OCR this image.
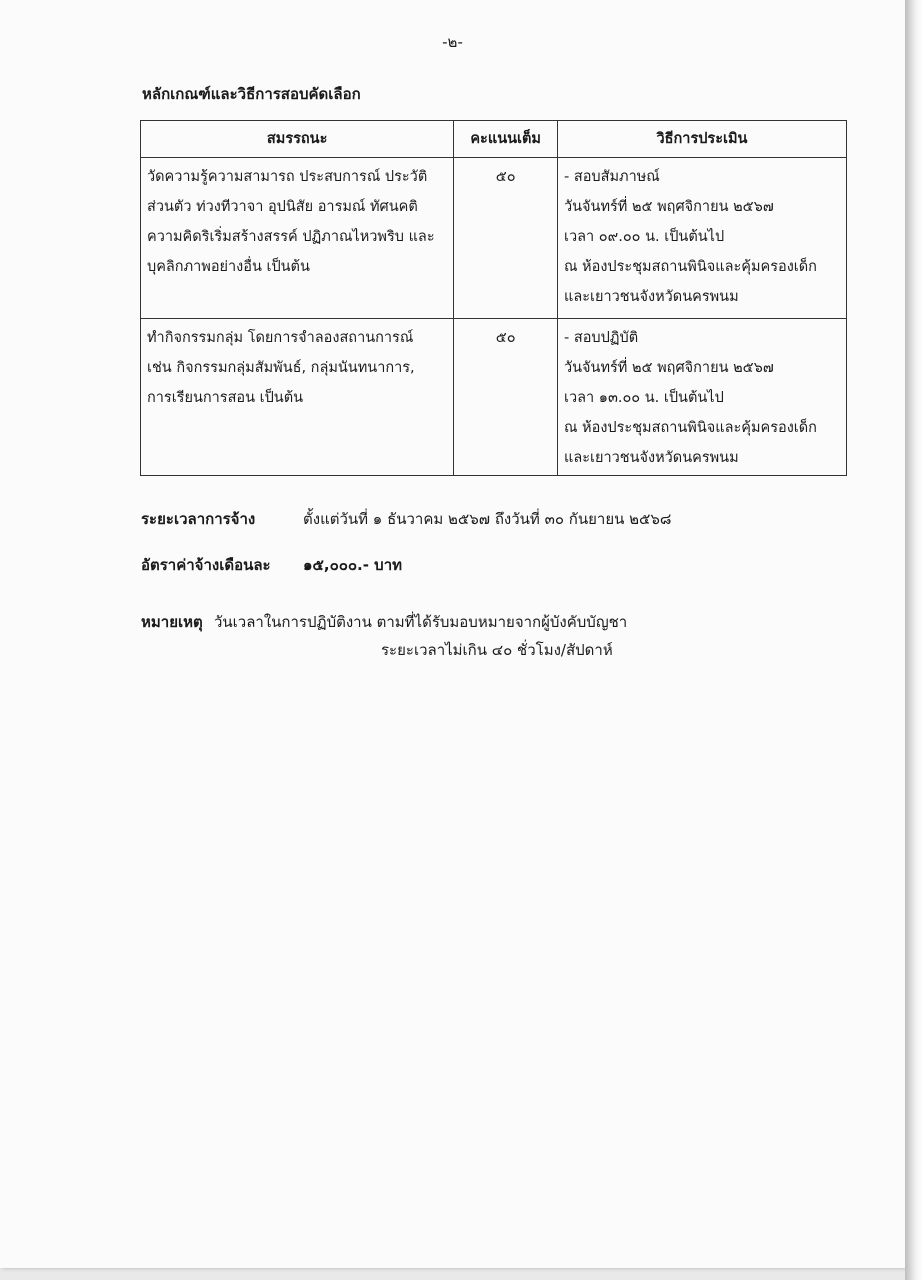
-๒-
หลักเกณฑ์และวิธีการสอบคัดเลือก
สมรรถนะ	คะแนนเต็ม	วิธีการประเมิน

วัดความรู้ความสามารถ ประสบการณ์ ประวัติ
ส่วนตัว ท่วงทีวาจา อุปนิสัย อารมณ์ ทัศนคติ
ความคิดริเริ่มสร้างสรรค์ ปฏิภาณไหวพริบ และ
บุคลิกภาพอย่างอื่น เป็นต้น	๕๐	- สอบสัมภาษณ์
วันจันทร์ที่ ๒๕ พฤศจิกายน ๒๕๖๗
เวลา ๐๙.๐๐ น. เป็นต้นไป
ณ ห้องประชุมสถานพินิจและคุ้มครองเด็ก
และเยาวชนจังหวัดนครพนม

ทำกิจกรรมกลุ่ม โดยการจำลองสถานการณ์
เช่น กิจกรรมกลุ่มสัมพันธ์, กลุ่มนันทนาการ,
การเรียนการสอน เป็นต้น	๕๐	- สอบปฏิบัติ
วันจันทร์ที่ ๒๕ พฤศจิกายน ๒๕๖๗
เวลา ๑๓.๐๐ น. เป็นต้นไป
ณ ห้องประชุมสถานพินิจและคุ้มครองเด็ก
และเยาวชนจังหวัดนครพนม
ระยะเวลาการจ้าง	ตั้งแต่วันที่ ๑ ธันวาคม ๒๕๖๗ ถึงวันที่ ๓๐ กันยายน ๒๕๖๘
อัตราค่าจ้างเดือนละ ๑๕,๐๐๐.- บาท
หมายเหตุ วันเวลาในการปฏิบัติงาน ตามที่ได้รับมอบหมายจากผู้บังคับบัญชา
ระยะเวลาไม่เกิน ๔๐ ชั่วโมง/สัปดาห์
